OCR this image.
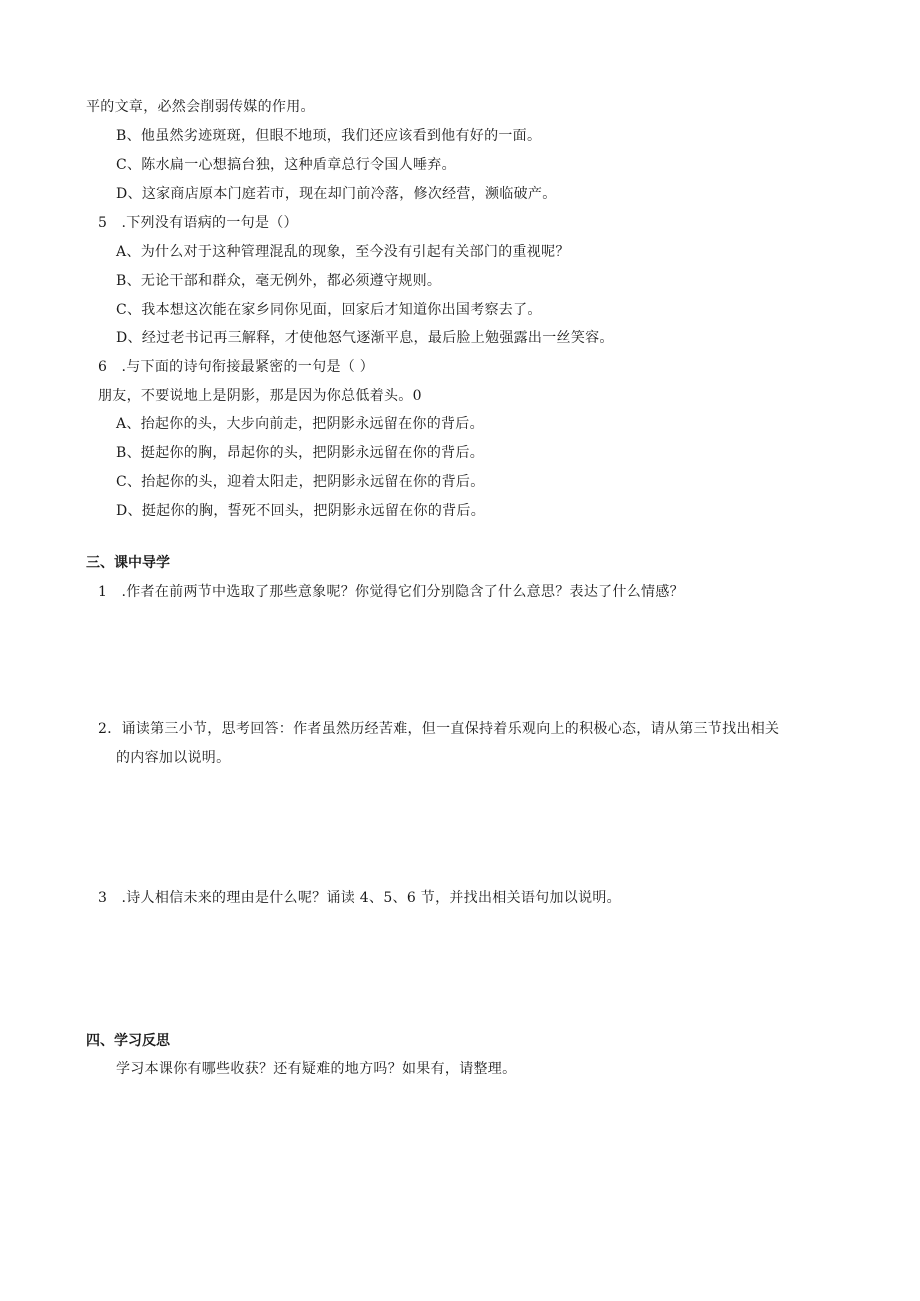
平的文章，必然会削弱传媒的作用。
B、他虽然劣迹斑斑，但眼不地顼，我们还应该看到他有好的一面。
C、陈水扁一心想搞台独，这种盾章总行令国人唾弃。
D、这家商店原本门庭若市，现在却门前冷落，修次经营，濒临破产。
5　.下列没有语病的一句是（）
A、为什么对于这种管理混乱的现象，至今没有引起有关部门的重视呢？
B、无论干部和群众，毫无例外，都必须遵守规则。
C、我本想这次能在家乡同你见面，回家后才知道你出国考察去了。
D、经过老书记再三解释，才使他怒气逐渐平息，最后脸上勉强露出一丝笑容。
6　.与下面的诗句衔接最紧密的一句是（ ）
朋友，不要说地上是阴影，那是因为你总低着头。0
A、抬起你的头，大步向前走，把阴影永远留在你的背后。
B、挺起你的胸，昂起你的头，把阴影永远留在你的背后。
C、抬起你的头，迎着太阳走，把阴影永远留在你的背后。
D、挺起你的胸，誓死不回头，把阴影永远留在你的背后。
三、课中导学
1　.作者在前两节中选取了那些意象呢？你觉得它们分别隐含了什么意思？表达了什么情感？
2．诵读第三小节，思考回答：作者虽然历经苦难，但一直保持着乐观向上的积极心态，请从第三节找出相关
的内容加以说明。
3　.诗人相信未来的理由是什么呢？诵读 4、5、6 节，并找出相关语句加以说明。
四、学习反思
学习本课你有哪些收获？还有疑难的地方吗？如果有，请整理。
